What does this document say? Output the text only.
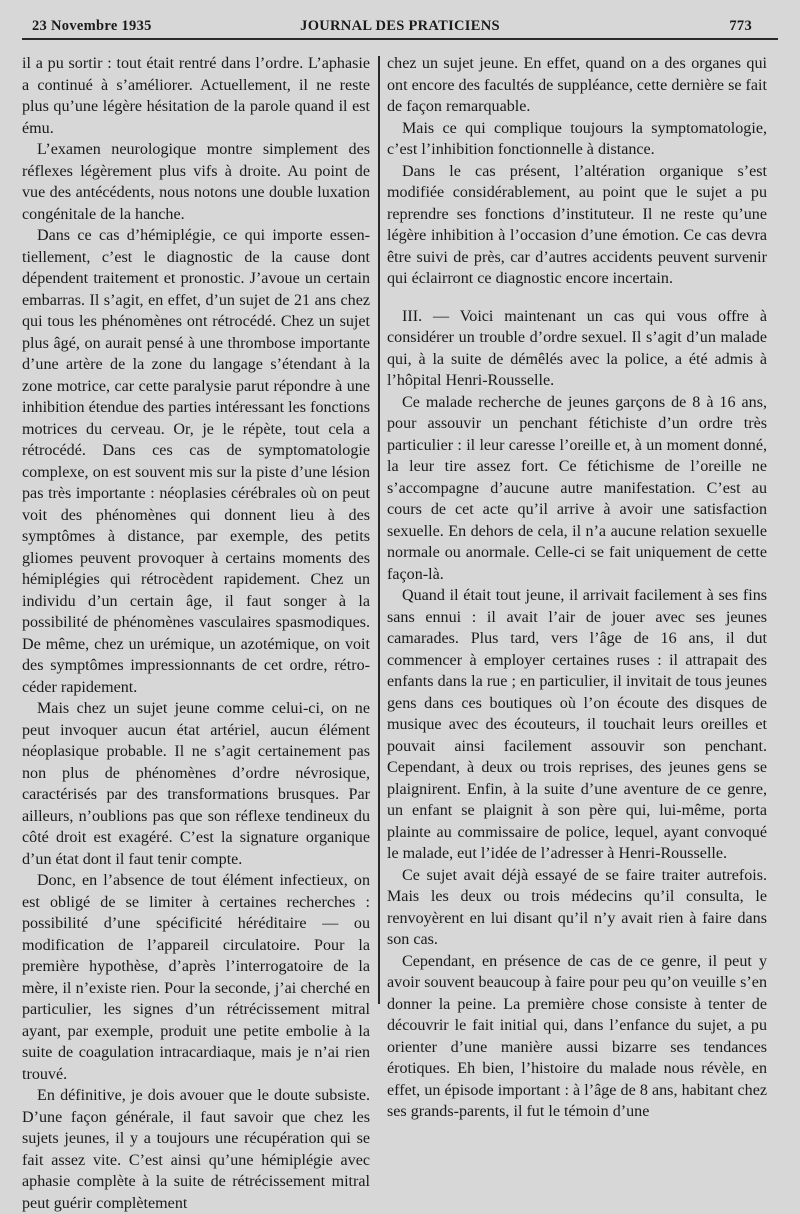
23 Novembre 1935	JOURNAL DES PRATICIENS	773

il a pu sortir : tout était rentré dans l’ordre. L’aphasie a continué à s’améliorer. Actuellement, il ne reste plus qu’une légère hésitation de la parole quand il est ému.

L’examen neurologique montre simplement des réflexes légèrement plus vifs à droite. Au point de vue des antécédents, nous notons une double luxation congénitale de la hanche.

Dans ce cas d’hémiplégie, ce qui importe essentiellement, c’est le diagnostic de la cause dont dépendent traitement et pronostic. J’avoue un certain embarras. Il s’agit, en effet, d’un sujet de 21 ans chez qui tous les phénomènes ont rétrocédé. Chez un sujet plus âgé, on aurait pensé à une thrombose importante d’une artère de la zone du langage s’étendant à la zone motrice, car cette paralysie parut répondre à une inhibition étendue des parties intéressant les fonctions motrices du cerveau. Or, je le répète, tout cela a rétrocédé. Dans ces cas de symptomatologie complexe, on est souvent mis sur la piste d’une lésion pas très importante : néoplasies cérébrales où on peut voit des phénomènes qui donnent lieu à des symptômes à distance, par exemple, des petits gliomes peuvent provoquer à certains moments des hémiplégies qui rétrocèdent rapidement. Chez un individu d’un certain âge, il faut songer à la possibilité de phénomènes vasculaires spasmodiques. De même, chez un urémique, un azotémique, on voit des symptômes impressionnants de cet ordre, rétrocéder rapidement.

Mais chez un sujet jeune comme celui-ci, on ne peut invoquer aucun état artériel, aucun élément néoplasique probable. Il ne s’agit certainement pas non plus de phénomènes d’ordre névrosique, caractérisés par des transformations brusques. Par ailleurs, n’oublions pas que son réflexe tendineux du côté droit est exagéré. C’est la signature organique d’un état dont il faut tenir compte.

Donc, en l’absence de tout élément infectieux, on est obligé de se limiter à certaines recherches : possibilité d’une spécificité héréditaire — ou modification de l’appareil circulatoire. Pour la première hypothèse, d’après l’interrogatoire de la mère, il n’existe rien. Pour la seconde, j’ai cherché en particulier, les signes d’un rétrécissement mitral ayant, par exemple, produit une petite embolie à la suite de coagulation intracardiaque, mais je n’ai rien trouvé.

En définitive, je dois avouer que le doute subsiste. D’une façon générale, il faut savoir que chez les sujets jeunes, il y a toujours une récupération qui se fait assez vite. C’est ainsi qu’une hémiplégie avec aphasie complète à la suite de rétrécissement mitral peut guérir complètement

chez un sujet jeune. En effet, quand on a des organes qui ont encore des facultés de suppléance, cette dernière se fait de façon remarquable.

Mais ce qui complique toujours la symptomatologie, c’est l’inhibition fonctionnelle à distance.

Dans le cas présent, l’altération organique s’est modifiée considérablement, au point que le sujet a pu reprendre ses fonctions d’instituteur. Il ne reste qu’une légère inhibition à l’occasion d’une émotion. Ce cas devra être suivi de près, car d’autres accidents peuvent survenir qui éclairront ce diagnostic encore incertain.

III. — Voici maintenant un cas qui vous offre à considérer un trouble d’ordre sexuel. Il s’agit d’un malade qui, à la suite de démêlés avec la police, a été admis à l’hôpital Henri-Rousselle.

Ce malade recherche de jeunes garçons de 8 à 16 ans, pour assouvir un penchant fétichiste d’un ordre très particulier : il leur caresse l’oreille et, à un moment donné, la leur tire assez fort. Ce fétichisme de l’oreille ne s’accompagne d’aucune autre manifestation. C’est au cours de cet acte qu’il arrive à avoir une satisfaction sexuelle. En dehors de cela, il n’a aucune relation sexuelle normale ou anormale. Celle-ci se fait uniquement de cette façon-là.

Quand il était tout jeune, il arrivait facilement à ses fins sans ennui : il avait l’air de jouer avec ses jeunes camarades. Plus tard, vers l’âge de 16 ans, il dut commencer à employer certaines ruses : il attrapait des enfants dans la rue ; en particulier, il invitait de tous jeunes gens dans ces boutiques où l’on écoute des disques de musique avec des écouteurs, il touchait leurs oreilles et pouvait ainsi facilement assouvir son penchant. Cependant, à deux ou trois reprises, des jeunes gens se plaignirent. Enfin, à la suite d’une aventure de ce genre, un enfant se plaignit à son père qui, lui-même, porta plainte au commissaire de police, lequel, ayant convoqué le malade, eut l’idée de l’adresser à Henri-Rousselle.

Ce sujet avait déjà essayé de se faire traiter autrefois. Mais les deux ou trois médecins qu’il consulta, le renvoyèrent en lui disant qu’il n’y avait rien à faire dans son cas.

Cependant, en présence de cas de ce genre, il peut y avoir souvent beaucoup à faire pour peu qu’on veuille s’en donner la peine. La première chose consiste à tenter de découvrir le fait initial qui, dans l’enfance du sujet, a pu orienter d’une manière aussi bizarre ses tendances érotiques. Eh bien, l’histoire du malade nous révèle, en effet, un épisode important : à l’âge de 8 ans, habitant chez ses grands-parents, il fut le témoin d’une
